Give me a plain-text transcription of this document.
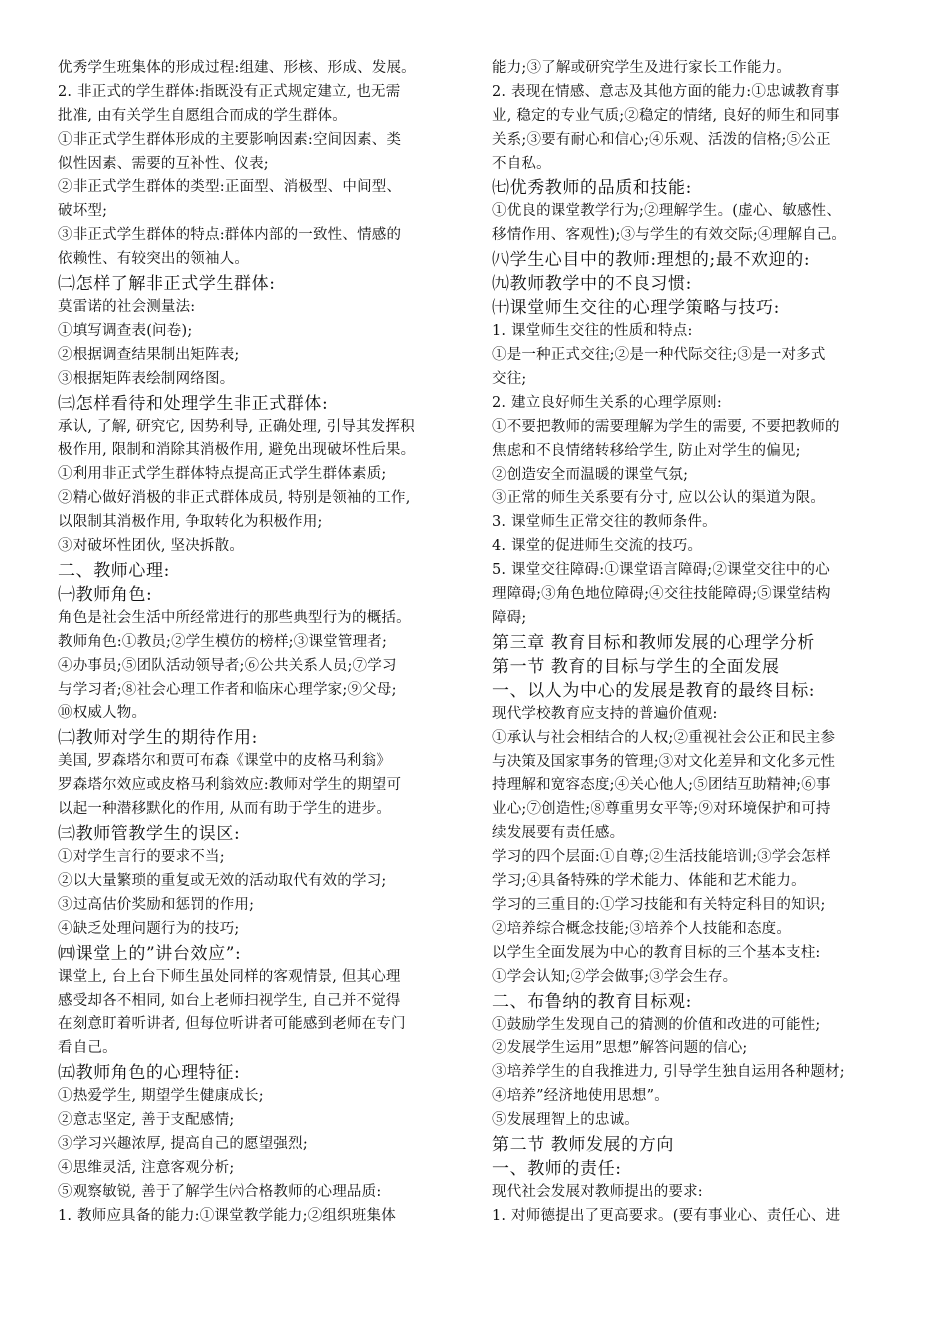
优秀学生班集体的形成过程:组建、形核、形成、发展。
2. 非正式的学生群体:指既没有正式规定建立, 也无需
批准, 由有关学生自愿组合而成的学生群体。
①非正式学生群体形成的主要影响因素:空间因素、类
似性因素、需要的互补性、仪表;
②非正式学生群体的类型:正面型、消极型、中间型、
破坏型;
③非正式学生群体的特点:群体内部的一致性、情感的
依赖性、有较突出的领袖人。
㈡怎样了解非正式学生群体:
莫雷诺的社会测量法:
①填写调查表(问卷);
②根据调查结果制出矩阵表;
③根据矩阵表绘制网络图。
㈢怎样看待和处理学生非正式群体:
承认, 了解, 研究它, 因势利导, 正确处理, 引导其发挥积
极作用, 限制和消除其消极作用, 避免出现破坏性后果。
①利用非正式学生群体特点提高正式学生群体素质;
②精心做好消极的非正式群体成员, 特别是领袖的工作,
以限制其消极作用, 争取转化为积极作用;
③对破坏性团伙, 坚决拆散。
二、教师心理:
㈠教师角色:
角色是社会生活中所经常进行的那些典型行为的概括。
教师角色:①教员;②学生模仿的榜样;③课堂管理者;
④办事员;⑤团队活动领导者;⑥公共关系人员;⑦学习
与学习者;⑧社会心理工作者和临床心理学家;⑨父母;
⑩权威人物。
㈡教师对学生的期待作用:
美国, 罗森塔尔和贾可布森《课堂中的皮格马利翁》
罗森塔尔效应或皮格马利翁效应:教师对学生的期望可
以起一种潜移默化的作用, 从而有助于学生的进步。
㈢教师管教学生的误区:
①对学生言行的要求不当;
②以大量繁琐的重复或无效的活动取代有效的学习;
③过高估价奖励和惩罚的作用;
④缺乏处理问题行为的技巧;
㈣课堂上的”讲台效应”:
课堂上, 台上台下师生虽处同样的客观情景, 但其心理
感受却各不相同, 如台上老师扫视学生, 自己并不觉得
在刻意盯着听讲者, 但每位听讲者可能感到老师在专门
看自己。
㈤教师角色的心理特征:
①热爱学生, 期望学生健康成长;
②意志坚定, 善于支配感情;
③学习兴趣浓厚, 提高自己的愿望强烈;
④思维灵活, 注意客观分析;
⑤观察敏锐, 善于了解学生㈥合格教师的心理品质:
1. 教师应具备的能力:①课堂教学能力;②组织班集体
能力;③了解或研究学生及进行家长工作能力。
2. 表现在情感、意志及其他方面的能力:①忠诚教育事
业, 稳定的专业气质;②稳定的情绪, 良好的师生和同事
关系;③要有耐心和信心;④乐观、活泼的信格;⑤公正
不自私。
㈦优秀教师的品质和技能:
①优良的课堂教学行为;②理解学生。(虚心、敏感性、
移情作用、客观性);③与学生的有效交际;④理解自己。
㈧学生心目中的教师:理想的;最不欢迎的:
㈨教师教学中的不良习惯:
㈩课堂师生交往的心理学策略与技巧:
1. 课堂师生交往的性质和特点:
①是一种正式交往;②是一种代际交往;③是一对多式
交往;
2. 建立良好师生关系的心理学原则:
①不要把教师的需要理解为学生的需要, 不要把教师的
焦虑和不良情绪转移给学生, 防止对学生的偏见;
②创造安全而温暖的课堂气氛;
③正常的师生关系要有分寸, 应以公认的渠道为限。
3. 课堂师生正常交往的教师条件。
4. 课堂的促进师生交流的技巧。
5. 课堂交往障碍:①课堂语言障碍;②课堂交往中的心
理障碍;③角色地位障碍;④交往技能障碍;⑤课堂结构
障碍;
第三章 教育目标和教师发展的心理学分析
第一节 教育的目标与学生的全面发展
一、以人为中心的发展是教育的最终目标:
现代学校教育应支持的普遍价值观:
①承认与社会相结合的人权;②重视社会公正和民主参
与决策及国家事务的管理;③对文化差异和文化多元性
持理解和宽容态度;④关心他人;⑤团结互助精神;⑥事
业心;⑦创造性;⑧尊重男女平等;⑨对环境保护和可持
续发展要有责任感。
学习的四个层面:①自尊;②生活技能培训;③学会怎样
学习;④具备特殊的学术能力、体能和艺术能力。
学习的三重目的:①学习技能和有关特定科目的知识;
②培养综合概念技能;③培养个人技能和态度。
以学生全面发展为中心的教育目标的三个基本支柱:
①学会认知;②学会做事;③学会生存。
二、布鲁纳的教育目标观:
①鼓励学生发现自己的猜测的价值和改进的可能性;
②发展学生运用”思想”解答问题的信心;
③培养学生的自我推进力, 引导学生独自运用各种题材;
④培养”经济地使用思想”。
⑤发展理智上的忠诚。
第二节 教师发展的方向
一、教师的责任:
现代社会发展对教师提出的要求:
1. 对师德提出了更高要求。(要有事业心、责任心、进
